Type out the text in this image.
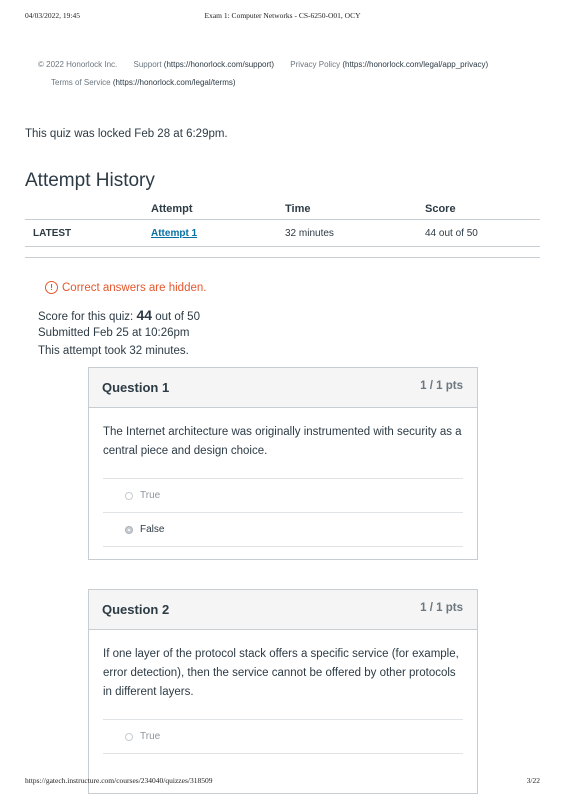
04/03/2022, 19:45	Exam 1: Computer Networks - CS-6250-O01, OCY
© 2022 Honorlock Inc. Support (https://honorlock.com/support) Privacy Policy (https://honorlock.com/legal/app_privacy)
Terms of Service (https://honorlock.com/legal/terms)
This quiz was locked Feb 28 at 6:29pm.
Attempt History
	Attempt	Time	Score
LATEST	Attempt 1	32 minutes	44 out of 50
! Correct answers are hidden.
Score for this quiz: 44 out of 50
Submitted Feb 25 at 10:26pm
This attempt took 32 minutes.
Question 1	1 / 1 pts
The Internet architecture was originally instrumented with security as a central piece and design choice.
True
False
Question 2	1 / 1 pts
If one layer of the protocol stack offers a specific service (for example, error detection), then the service cannot be offered by other protocols in different layers.
True
https://gatech.instructure.com/courses/234040/quizzes/318509	3/22
